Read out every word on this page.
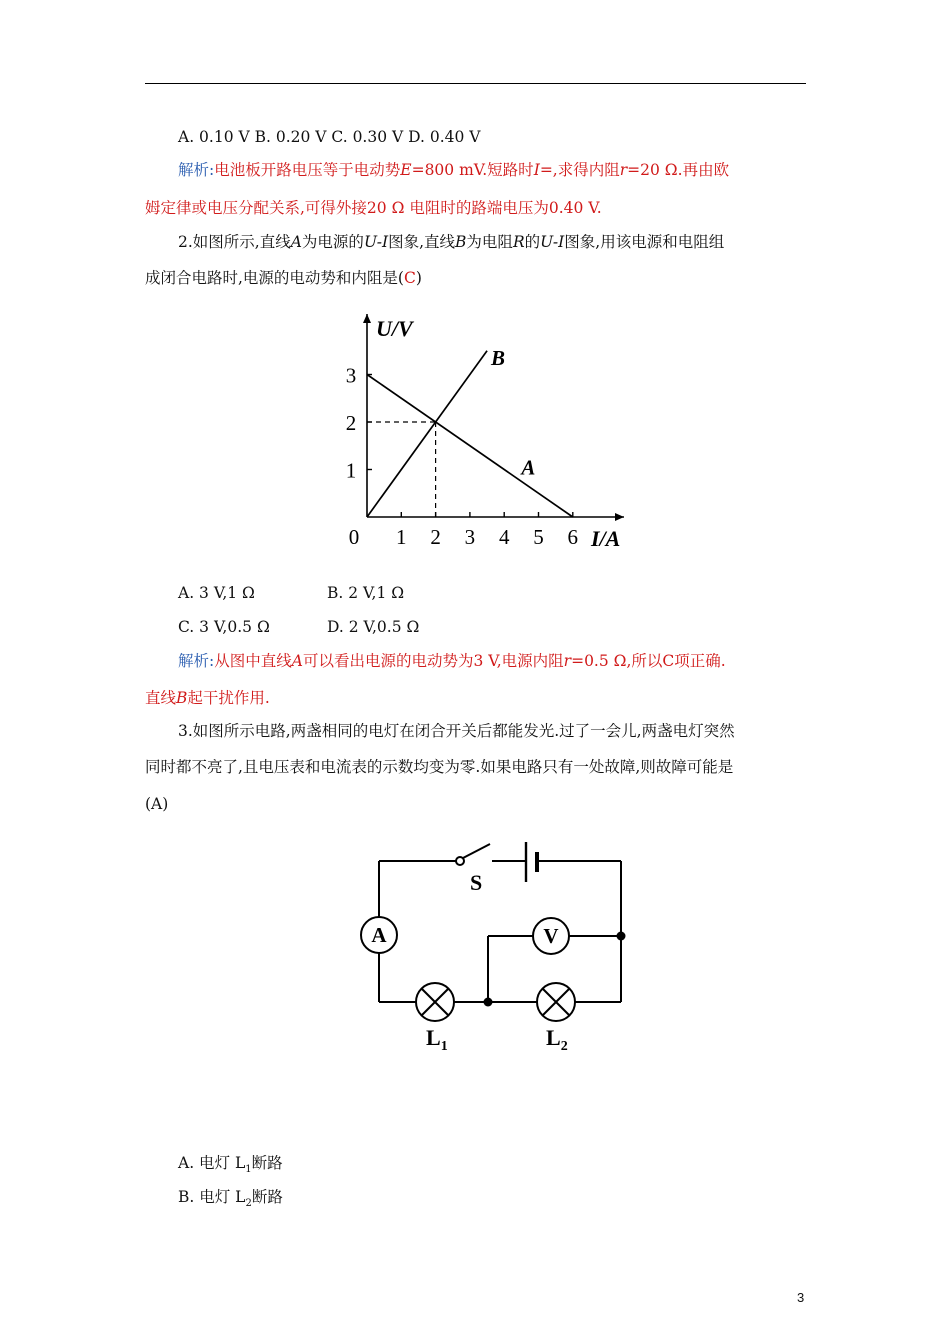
A. 0.10 V B. 0.20 V C. 0.30 V D. 0.40 V
解析:电池板开路电压等于电动势E=800 mV.短路时I=,求得内阻r=20 Ω.再由欧
姆定律或电压分配关系,可得外接20 Ω 电阻时的路端电压为0.40 V.
2.如图所示,直线A为电源的U-I图象,直线B为电阻R的U-I图象,用该电源和电阻组
成闭合电路时,电源的电动势和内阻是(C)
U/V
I/A
0 1 2 3 4 5 6
1
2
3
A
B
A. 3 V,1 Ω	B. 2 V,1 Ω
C. 3 V,0.5 Ω	D. 2 V,0.5 Ω
解析:从图中直线A可以看出电源的电动势为3 V,电源内阻r=0.5 Ω,所以C项正确.
直线B起干扰作用.
3.如图所示电路,两盏相同的电灯在闭合开关后都能发光.过了一会儿,两盏电灯突然
同时都不亮了,且电压表和电流表的示数均变为零.如果电路只有一处故障,则故障可能是
(A)
A	V
S
$L_1$	$L_2$
A. 电灯 $L_1$断路
B. 电灯 $L_2$断路
3
